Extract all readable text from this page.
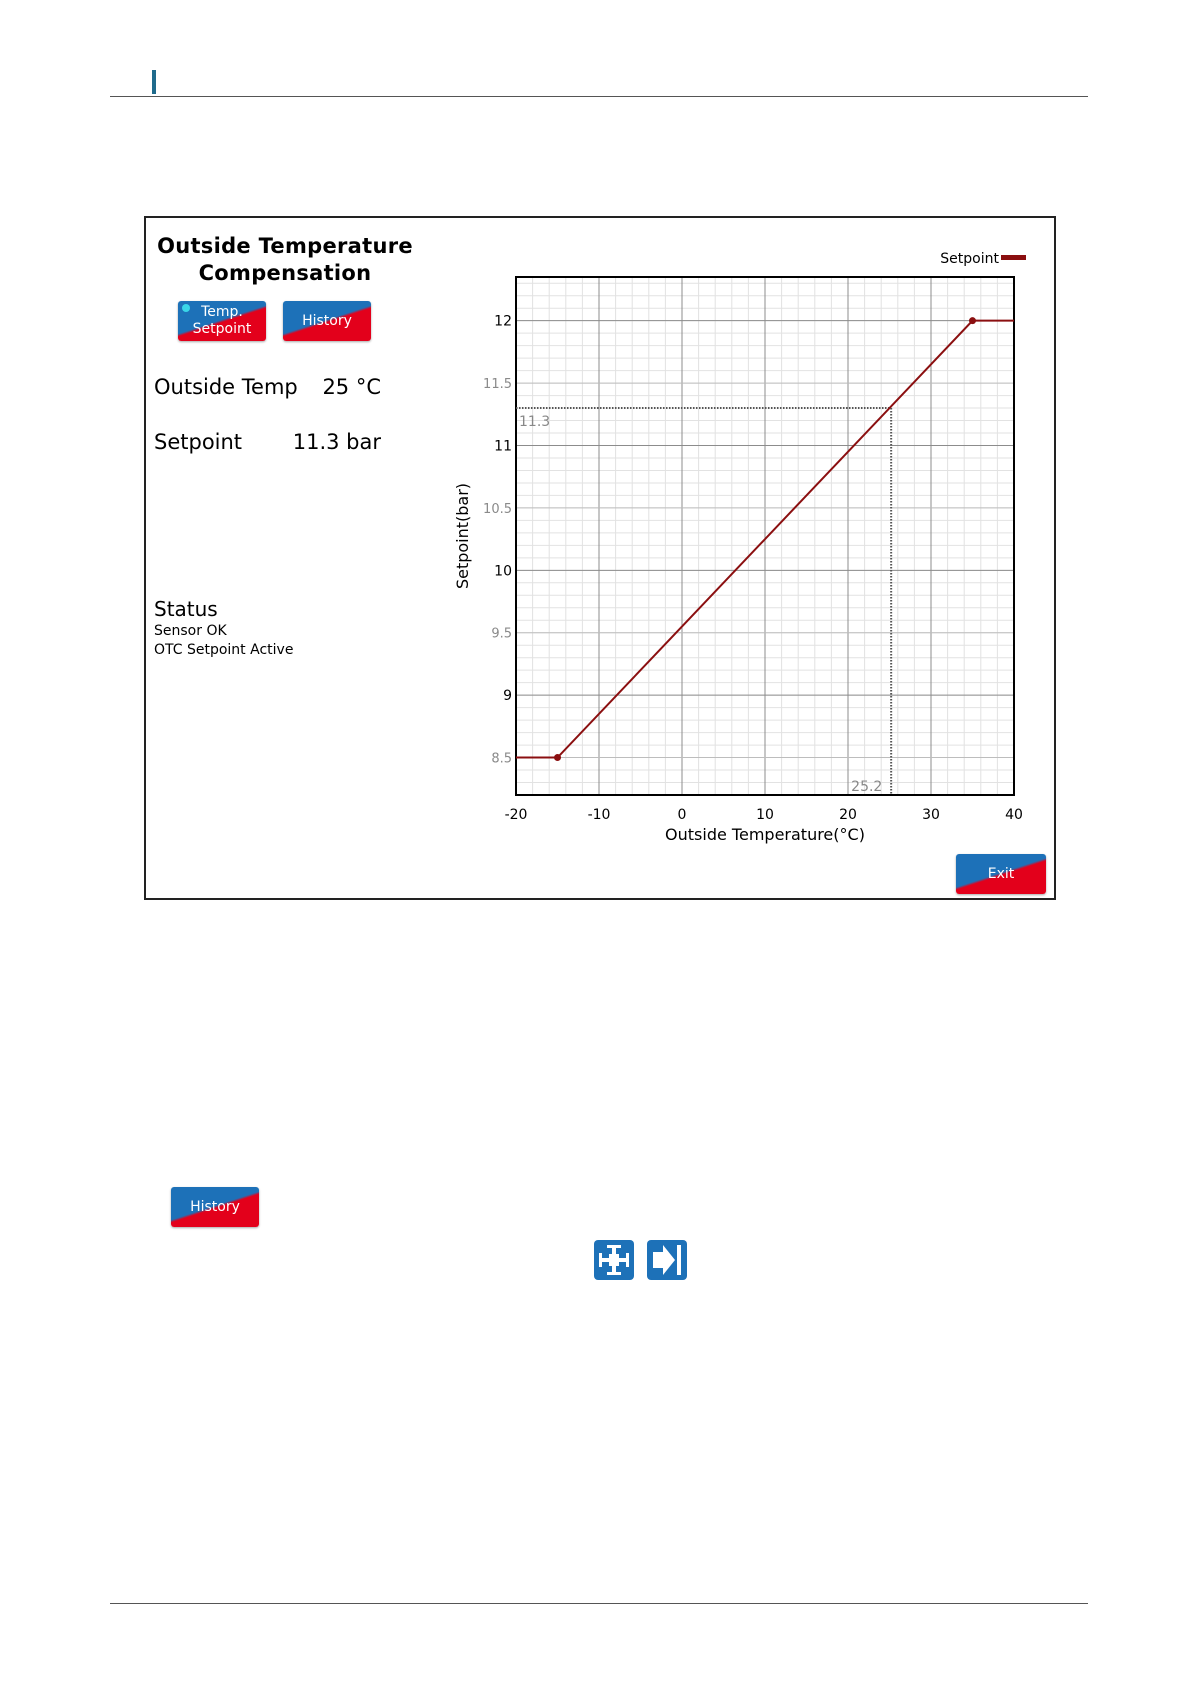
Outside Temperature
Compensation
Temp.
Setpoint
History
Outside Temp	25 °C
Setpoint	11.3 bar
Status
Sensor OK
OTC Setpoint Active
11.3
25.2
-20	-10	0	10	20	30	40
12
11
10
9
11.5
10.5
9.5
8.5
Outside Temperature(°C)
Setpoint(bar)
Setpoint
Exit
History
